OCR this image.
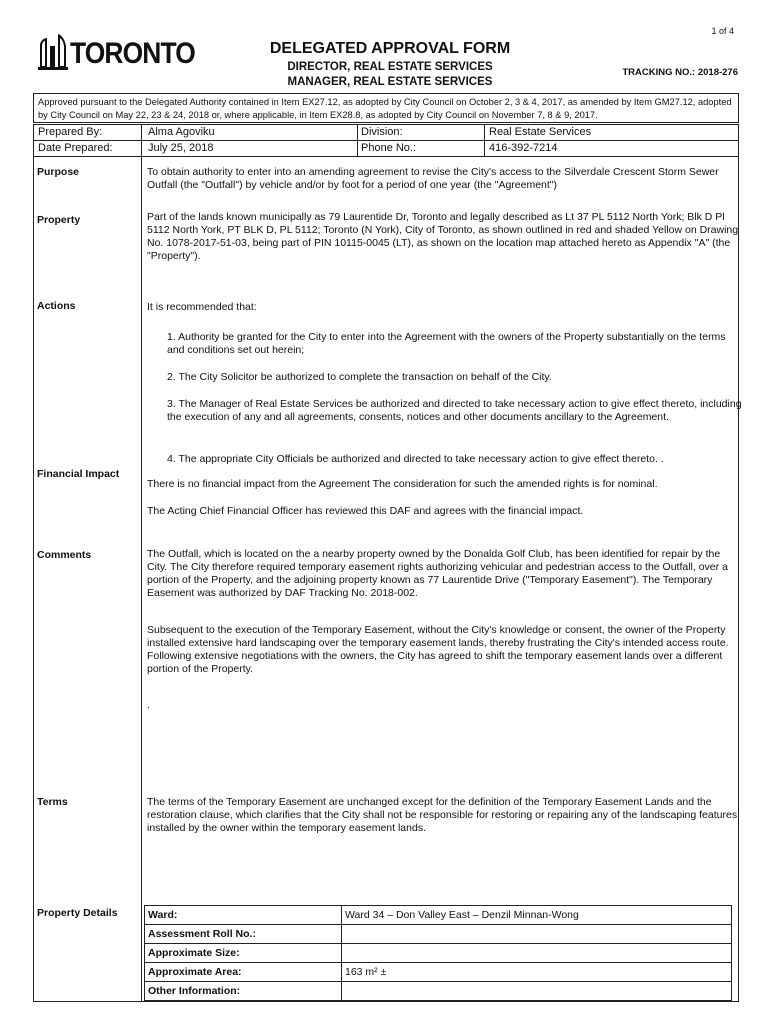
1 of 4
TORONTO	DELEGATED APPROVAL FORM
DIRECTOR, REAL ESTATE SERVICES
MANAGER, REAL ESTATE SERVICES
TRACKING NO.: 2018-276
Approved pursuant to the Delegated Authority contained in Item EX27.12, as adopted by City Council on October 2, 3 & 4, 2017, as amended by Item GM27.12, adopted by City Council on May 22, 23 & 24, 2018 or, where applicable, in Item EX28.8, as adopted by City Council on November 7, 8 & 9, 2017.
Prepared By:	Alma Agoviku	Division:	Real Estate Services
Date Prepared:	July 25, 2018	Phone No.:	416-392-7214
Purpose	To obtain authority to enter into an amending agreement to revise the City's access to the Silverdale Crescent Storm Sewer Outfall (the "Outfall") by vehicle and/or by foot for a period of one year (the "Agreement")
Property	Part of the lands known municipally as 79 Laurentide Dr, Toronto and legally described as Lt 37 PL 5112 North York; Blk D Pl 5112 North York, PT BLK D, PL 5112; Toronto (N York), City of Toronto, as shown outlined in red and shaded Yellow on Drawing No. 1078-2017-51-03, being part of PIN 10115-0045 (LT), as shown on the location map attached hereto as Appendix "A" (the "Property").
Actions	It is recommended that:
1. Authority be granted for the City to enter into the Agreement with the owners of the Property substantially on the terms and conditions set out herein;
2. The City Solicitor be authorized to complete the transaction on behalf of the City.
3. The Manager of Real Estate Services be authorized and directed to take necessary action to give effect thereto, including the execution of any and all agreements, consents, notices and other documents ancillary to the Agreement.
4. The appropriate City Officials be authorized and directed to take necessary action to give effect thereto. .
Financial Impact
There is no financial impact from the Agreement The consideration for such the amended rights is for nominal.
The Acting Chief Financial Officer has reviewed this DAF and agrees with the financial impact.
Comments	The Outfall, which is located on the a nearby property owned by the Donalda Golf Club, has been identified for repair by the City. The City therefore required temporary easement rights authorizing vehicular and pedestrian access to the Outfall, over a portion of the Property, and the adjoining property known as 77 Laurentide Drive ("Temporary Easement"). The Temporary Easement was authorized by DAF Tracking No. 2018-002.
Subsequent to the execution of the Temporary Easement, without the City's knowledge or consent, the owner of the Property installed extensive hard landscaping over the temporary easement lands, thereby frustrating the City's intended access route. Following extensive negotiations with the owners, the City has agreed to shift the temporary easement lands over a different portion of the Property.
.
Terms	The terms of the Temporary Easement are unchanged except for the definition of the Temporary Easement Lands and the restoration clause, which clarifies that the City shall not be responsible for restoring or repairing any of the landscaping features installed by the owner within the temporary easement lands.
Property Details	Ward:	Ward 34 – Don Valley East – Denzil Minnan-Wong
Assessment Roll No.:	
Approximate Size:	
Approximate Area:	163 m² ±
Other Information:	
